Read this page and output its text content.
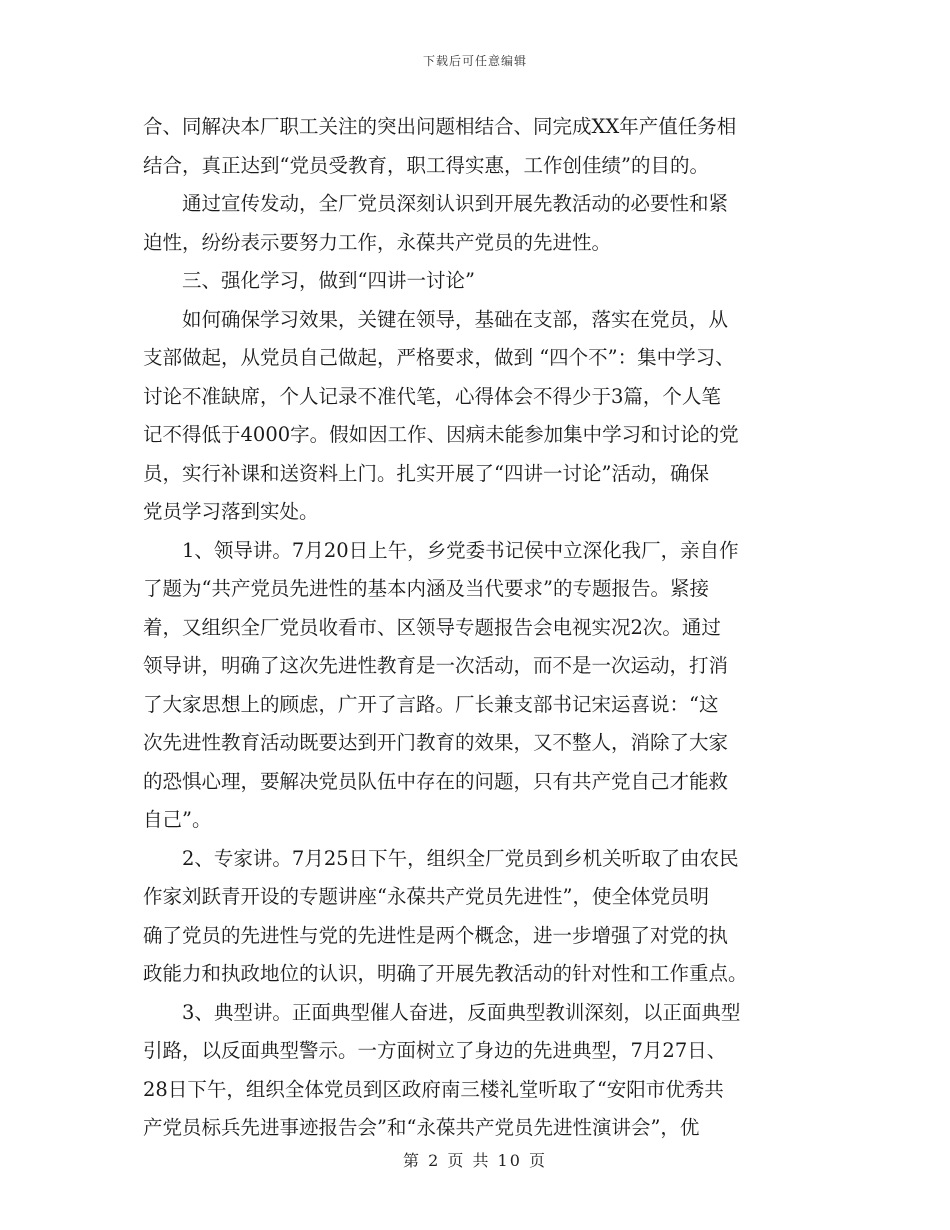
下载后可任意编辑
合、同解决本厂职工关注的突出问题相结合、同完成XX年产值任务相
结合，真正达到“党员受教育，职工得实惠，工作创佳绩”的目的。
通过宣传发动，全厂党员深刻认识到开展先教活动的必要性和紧
迫性，纷纷表示要努力工作，永葆共产党员的先进性。
三、强化学习，做到“四讲一讨论”
如何确保学习效果，关键在领导，基础在支部，落实在党员，从
支部做起，从党员自己做起，严格要求，做到 “四个不”：集中学习、
讨论不准缺席，个人记录不准代笔，心得体会不得少于3篇，个人笔
记不得低于4000字。假如因工作、因病未能参加集中学习和讨论的党
员，实行补课和送资料上门。扎实开展了“四讲一讨论”活动，确保
党员学习落到实处。
1、领导讲。7月20日上午，乡党委书记侯中立深化我厂，亲自作
了题为“共产党员先进性的基本内涵及当代要求”的专题报告。紧接
着，又组织全厂党员收看市、区领导专题报告会电视实况2次。通过
领导讲，明确了这次先进性教育是一次活动，而不是一次运动，打消
了大家思想上的顾虑，广开了言路。厂长兼支部书记宋运喜说：“这
次先进性教育活动既要达到开门教育的效果，又不整人，消除了大家
的恐惧心理，要解决党员队伍中存在的问题，只有共产党自己才能救
自己”。
2、专家讲。7月25日下午，组织全厂党员到乡机关听取了由农民
作家刘跃青开设的专题讲座“永葆共产党员先进性”，使全体党员明
确了党员的先进性与党的先进性是两个概念，进一步增强了对党的执
政能力和执政地位的认识，明确了开展先教活动的针对性和工作重点。
3、典型讲。正面典型催人奋进，反面典型教训深刻，以正面典型
引路，以反面典型警示。一方面树立了身边的先进典型，7月27日、
28日下午，组织全体党员到区政府南三楼礼堂听取了“安阳市优秀共
产党员标兵先进事迹报告会”和“永葆共产党员先进性演讲会”，优
第 2 页 共 10 页
